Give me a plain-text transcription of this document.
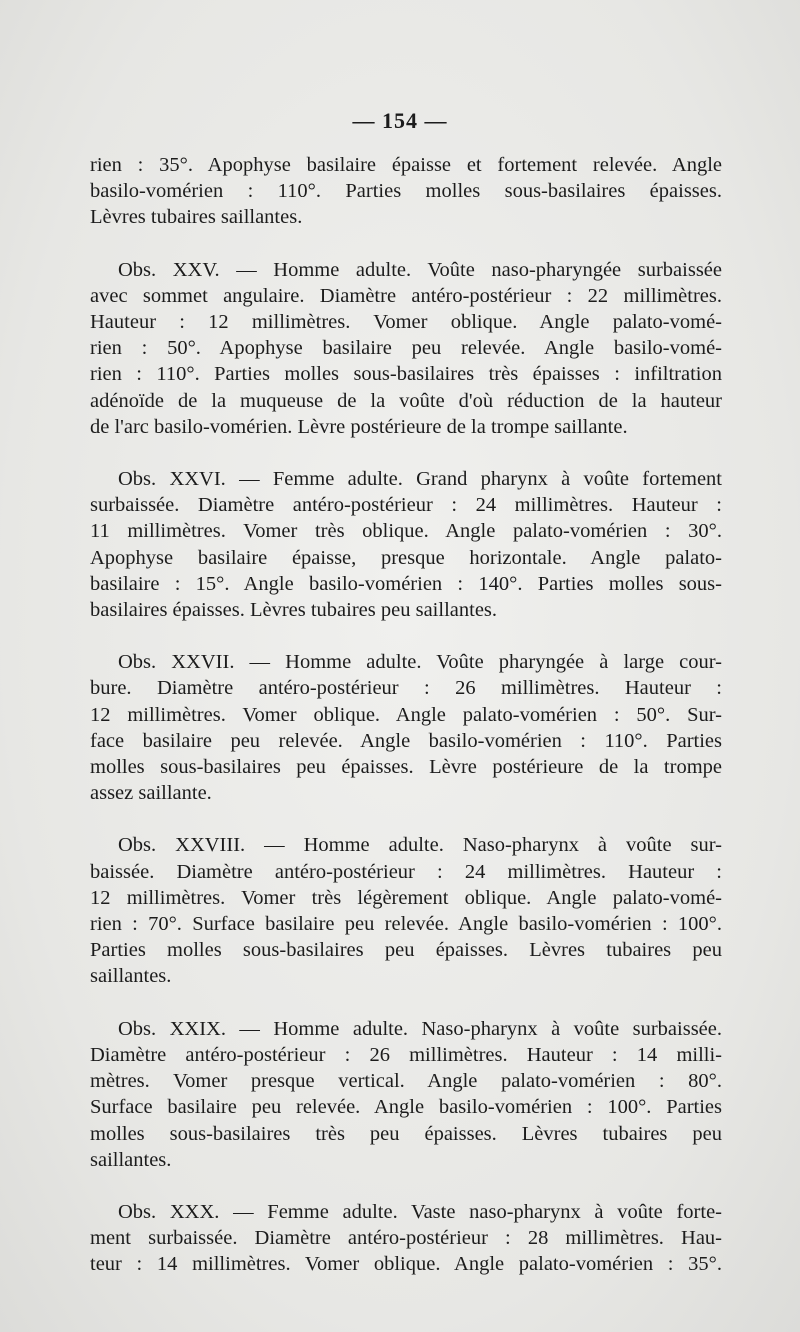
— 154 —

rien : 35°. Apophyse basilaire épaisse et fortement relevée. Angle
basilo-vomérien : 110°. Parties molles sous-basilaires épaisses.
Lèvres tubaires saillantes.

Obs. XXV. — Homme adulte. Voûte naso-pharyngée surbaissée
avec sommet angulaire. Diamètre antéro-postérieur : 22 millimètres.
Hauteur : 12 millimètres. Vomer oblique. Angle palato-vomé-
rien : 50°. Apophyse basilaire peu relevée. Angle basilo-vomé-
rien : 110°. Parties molles sous-basilaires très épaisses : infiltration
adénoïde de la muqueuse de la voûte d'où réduction de la hauteur
de l'arc basilo-vomérien. Lèvre postérieure de la trompe saillante.

Obs. XXVI. — Femme adulte. Grand pharynx à voûte fortement
surbaissée. Diamètre antéro-postérieur : 24 millimètres. Hauteur :
11 millimètres. Vomer très oblique. Angle palato-vomérien : 30°.
Apophyse basilaire épaisse, presque horizontale. Angle palato-
basilaire : 15°. Angle basilo-vomérien : 140°. Parties molles sous-
basilaires épaisses. Lèvres tubaires peu saillantes.

Obs. XXVII. — Homme adulte. Voûte pharyngée à large cour-
bure. Diamètre antéro-postérieur : 26 millimètres. Hauteur :
12 millimètres. Vomer oblique. Angle palato-vomérien : 50°. Sur-
face basilaire peu relevée. Angle basilo-vomérien : 110°. Parties
molles sous-basilaires peu épaisses. Lèvre postérieure de la trompe
assez saillante.

Obs. XXVIII. — Homme adulte. Naso-pharynx à voûte sur-
baissée. Diamètre antéro-postérieur : 24 millimètres. Hauteur :
12 millimètres. Vomer très légèrement oblique. Angle palato-vomé-
rien : 70°. Surface basilaire peu relevée. Angle basilo-vomérien : 100°.
Parties molles sous-basilaires peu épaisses. Lèvres tubaires peu
saillantes.

Obs. XXIX. — Homme adulte. Naso-pharynx à voûte surbaissée.
Diamètre antéro-postérieur : 26 millimètres. Hauteur : 14 milli-
mètres. Vomer presque vertical. Angle palato-vomérien : 80°.
Surface basilaire peu relevée. Angle basilo-vomérien : 100°. Parties
molles sous-basilaires très peu épaisses. Lèvres tubaires peu
saillantes.

Obs. XXX. — Femme adulte. Vaste naso-pharynx à voûte forte-
ment surbaissée. Diamètre antéro-postérieur : 28 millimètres. Hau-
teur : 14 millimètres. Vomer oblique. Angle palato-vomérien : 35°.
